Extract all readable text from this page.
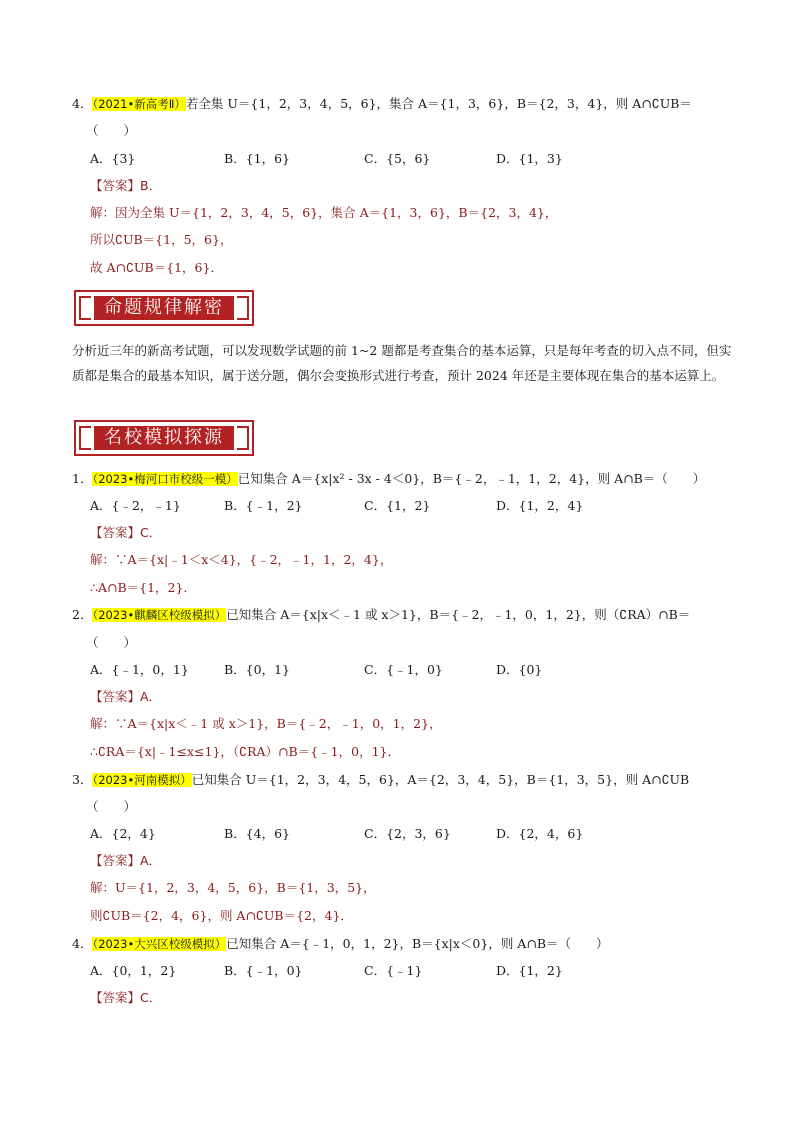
4．（2021•新高考Ⅱ）若全集 U＝{1，2，3，4，5，6}，集合 A＝{1，3，6}，B＝{2，3，4}，则 A∩∁UB＝
（　　）
A．{3}	B．{1，6}	C．{5，6}	D．{1，3}
【答案】B．
解：因为全集 U＝{1，2，3，4，5，6}，集合 A＝{1，3，6}，B＝{2，3，4}，
所以∁UB＝{1，5，6}，
故 A∩∁UB＝{1，6}．
命题规律解密
分析近三年的新高考试题，可以发现数学试题的前 1~2 题都是考查集合的基本运算，只是每年考查的切入点不同，但实质都是集合的最基本知识，属于送分题，偶尔会变换形式进行考查，预计 2024 年还是主要体现在集合的基本运算上。
名校模拟探源
1．（2023•梅河口市校级一模）已知集合 A＝{x|x² - 3x - 4＜0}，B＝{﹣2，﹣1，1，2，4}，则 A∩B＝（　　）
A．{﹣2，﹣1}	B．{﹣1，2}	C．{1，2}	D．{1，2，4}
【答案】C．
解：∵A＝{x|﹣1＜x＜4}，{﹣2，﹣1，1，2，4}，
∴A∩B＝{1，2}．
2．（2023•麒麟区校级模拟）已知集合 A＝{x|x＜﹣1 或 x＞1}，B＝{﹣2，﹣1，0，1，2}，则（∁RA）∩B＝
（　　）
A．{﹣1，0，1}	B．{0，1}	C．{﹣1，0}	D．{0}
【答案】A．
解：∵A＝{x|x＜﹣1 或 x＞1}，B＝{﹣2，﹣1，0，1，2}，
∴∁RA＝{x|﹣1≤x≤1}，（∁RA）∩B＝{﹣1，0，1}．
3．（2023•河南模拟）已知集合 U＝{1，2，3，4，5，6}，A＝{2，3，4，5}，B＝{1，3，5}，则 A∩∁UB
（　　）
A．{2，4}	B．{4，6}	C．{2，3，6}	D．{2，4，6}
【答案】A．
解：U＝{1，2，3，4，5，6}，B＝{1，3，5}，
则∁UB＝{2，4，6}，则 A∩∁UB＝{2，4}．
4．（2023•大兴区校级模拟）已知集合 A＝{﹣1，0，1，2}，B＝{x|x＜0}，则 A∩B＝（　　）
A．{0，1，2}	B．{﹣1，0}	C．{﹣1}	D．{1，2}
【答案】C．
